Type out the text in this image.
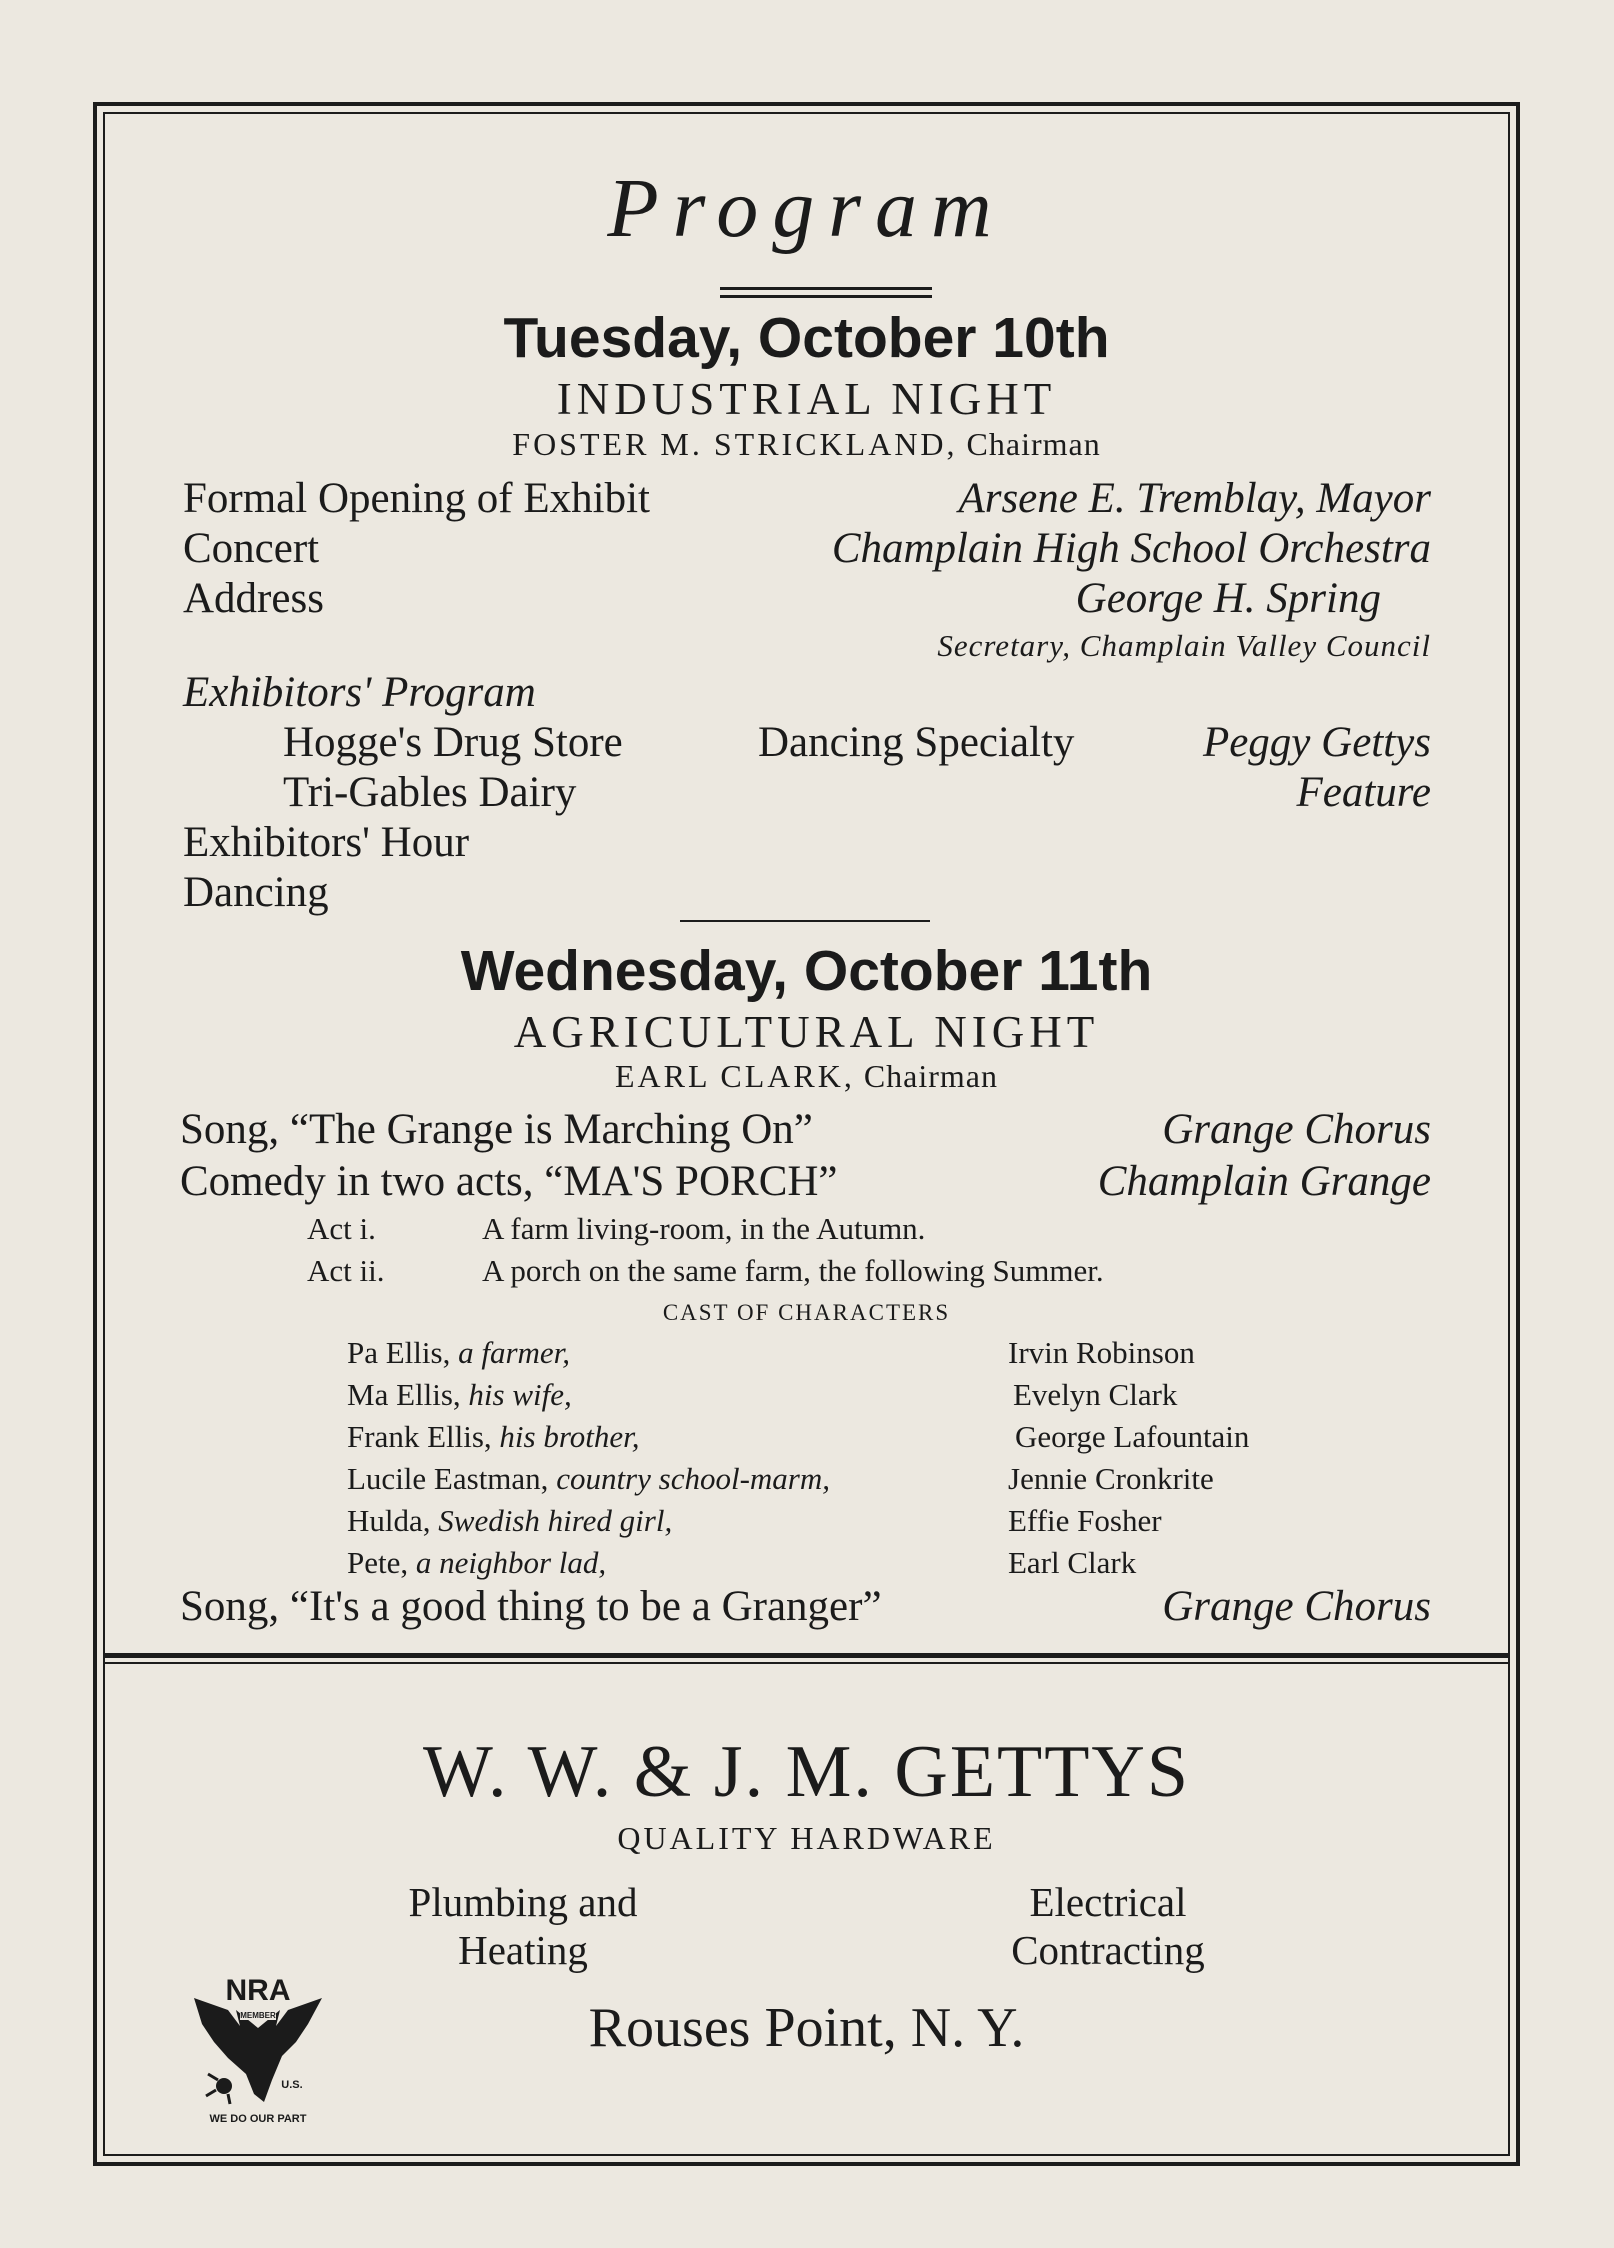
Program
Tuesday, October 10th
INDUSTRIAL NIGHT
FOSTER M. STRICKLAND, Chairman
Formal Opening of Exhibit	Arsene E. Tremblay, Mayor
Concert	Champlain High School Orchestra
Address	George H. Spring
Secretary, Champlain Valley Council
Exhibitors' Program
Hogge's Drug Store	Dancing Specialty	Peggy Gettys
Tri-Gables Dairy	Feature
Exhibitors' Hour
Dancing
Wednesday, October 11th
AGRICULTURAL NIGHT
EARL CLARK, Chairman
Song, “The Grange is Marching On”	Grange Chorus
Comedy in two acts, “MA'S PORCH”	Champlain Grange
Act i.	A farm living-room, in the Autumn.
Act ii.	A porch on the same farm, the following Summer.
CAST OF CHARACTERS
Pa Ellis, a farmer,	Irvin Robinson
Ma Ellis, his wife,	Evelyn Clark
Frank Ellis, his brother,	George Lafountain
Lucile Eastman, country school-marm,	Jennie Cronkrite
Hulda, Swedish hired girl,	Effie Fosher
Pete, a neighbor lad,	Earl Clark
Song, “It's a good thing to be a Granger”	Grange Chorus
W. W. & J. M. GETTYS
QUALITY HARDWARE
Plumbing and
Heating
Electrical
Contracting
Rouses Point, N. Y.
NRA
MEMBER
U.S.
WE DO OUR PART
